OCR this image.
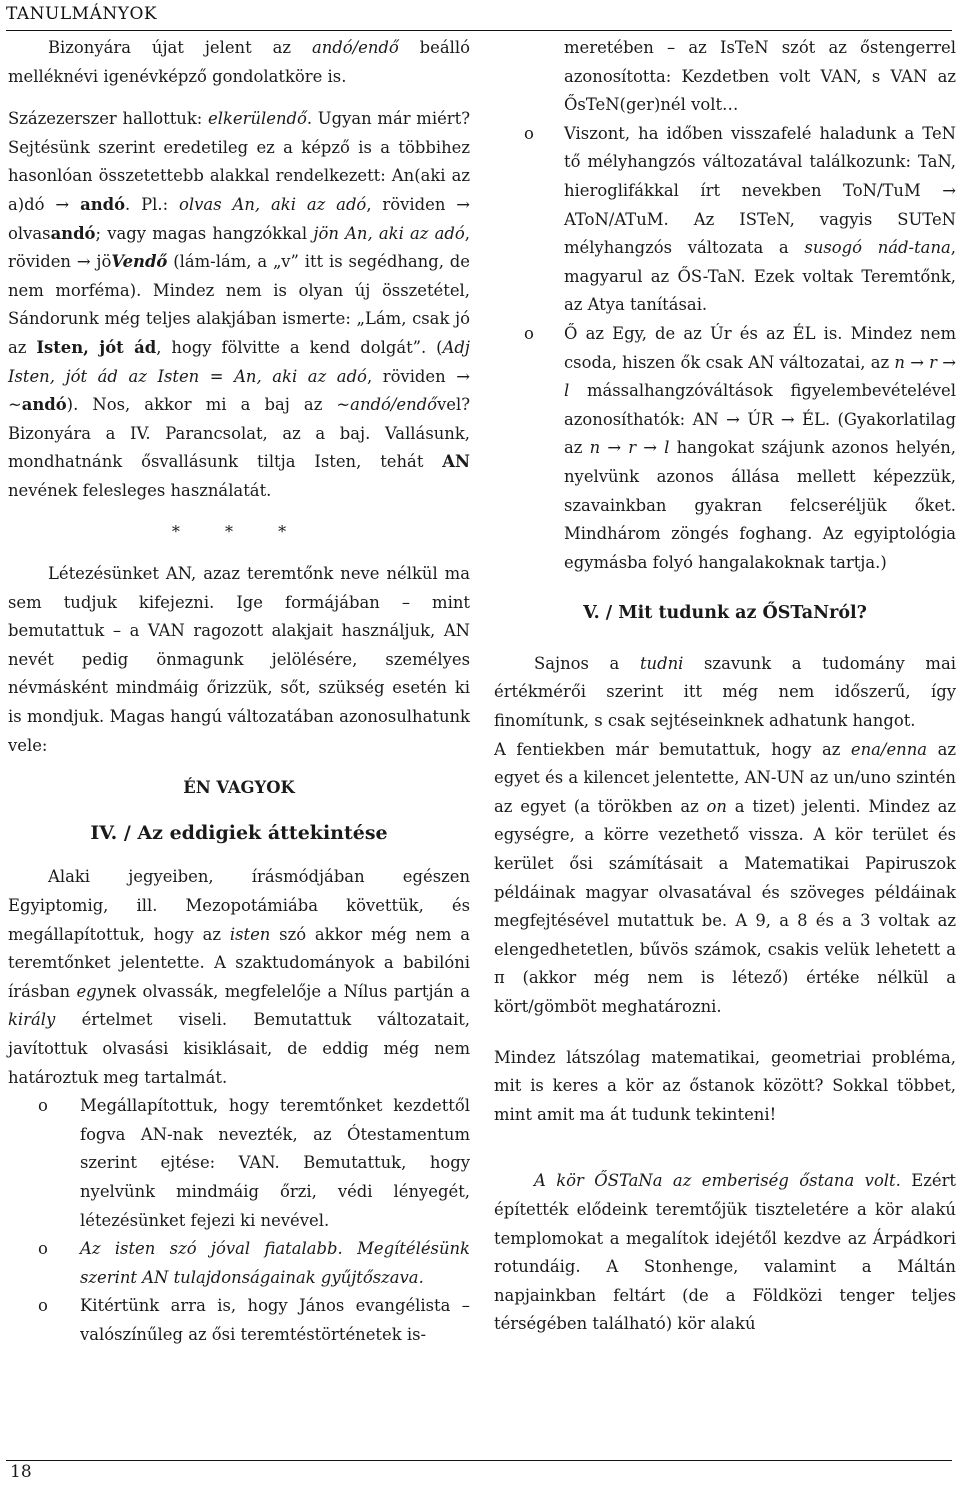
TANULMÁNYOK

Bizonyára újat jelent az andó/endő beálló melléknévi igenévképző gondolatköre is.

Százezerszer hallottuk: elkerülendő. Ugyan már miért? Sejtésünk szerint eredetileg ez a képző is a többihez hasonlóan összetettebb alakkal rendelkezett: An(aki az a)dó → andó. Pl.: olvas An, aki az adó, röviden → olvasandó; vagy magas hangzókkal jön An, aki az adó, röviden → jöVendő (lám-lám, a „v” itt is segédhang, de nem morféma). Mindez nem is olyan új összetétel, Sándorunk még teljes alakjában ismerte: „Lám, csak jó az Isten, jót ád, hogy fölvitte a kend dolgát”. (Adj Isten, jót ád az Isten = An, aki az adó, röviden → ~andó). Nos, akkor mi a baj az ~andó/endővel? Bizonyára a IV. Parancsolat, az a baj. Vallásunk, mondhatnánk ősvallásunk tiltja Isten, tehát AN nevének felesleges használatát.

* * *

Létezésünket AN, azaz teremtőnk neve nélkül ma sem tudjuk kifejezni. Ige formájában – mint bemutattuk – a VAN ragozott alakjait használjuk, AN nevét pedig önmagunk jelölésére, személyes névmásként mindmáig őrizzük, sőt, szükség esetén ki is mondjuk. Magas hangú változatában azonosulhatunk vele:

ÉN VAGYOK
IV. / Az eddigiek áttekintése

Alaki jegyeiben, írásmódjában egészen Egyiptomig, ill. Mezopotámiába követtük, és megállapítottuk, hogy az isten szó akkor még nem a teremtőnket jelentette. A szaktudományok a babilóni írásban egynek olvassák, megfelelője a Nílus partján a király értelmet viseli. Bemutattuk változatait, javítottuk olvasási kisiklásait, de eddig még nem határoztuk meg tartalmát.

o	Megállapítottuk, hogy teremtőnket kezdettől fogva AN-nak nevezték, az Ótestamentum szerint ejtése: VAN. Bemutattuk, hogy nyelvünk mindmáig őrzi, védi lényegét, létezésünket fejezi ki nevével.
o	Az isten szó jóval fiatalabb. Megítélésünk szerint AN tulajdonságainak gyűjtőszava.
o	Kitértünk arra is, hogy János evangélista – valószínűleg az ősi teremtéstörténetek is-
meretében – az IsTeN szót az őstengerrel azonosította: Kezdetben volt VAN, s VAN az ŐsTeN(ger)nél volt…
o	Viszont, ha időben visszafelé haladunk a TeN tő mélyhangzós változatával találkozunk: TaN, hieroglifákkal írt nevekben ToN/TuM → AToN/ATuM. Az ISTeN, vagyis SUTeN mélyhangzós változata a susogó nád-tana, magyarul az ŐS-TaN. Ezek voltak Teremtőnk, az Atya tanításai.
o	Ő az Egy, de az Úr és az ÉL is. Mindez nem csoda, hiszen ők csak AN változatai, az n → r → l mássalhangzóváltások figyelembevételével azonosíthatók: AN → ÚR → ÉL. (Gyakorlatilag az n → r → l hangokat szájunk azonos helyén, nyelvünk azonos állása mellett képezzük, szavainkban gyakran felcseréljük őket. Mindhárom zöngés foghang. Az egyiptológia egymásba folyó hangalakoknak tartja.)
V. / Mit tudunk az ŐSTaNról?

Sajnos a tudni szavunk a tudomány mai értékmérői szerint itt még nem időszerű, így finomítunk, s csak sejtéseinknek adhatunk hangot.

A fentiekben már bemutattuk, hogy az ena/enna az egyet és a kilencet jelentette, AN-UN az un/uno szintén az egyet (a törökben az on a tizet) jelenti. Mindez az egységre, a körre vezethető vissza. A kör terület és kerület ősi számításait a Matematikai Papiruszok példáinak magyar olvasatával és szöveges példáinak megfejtésével mutattuk be. A 9, a 8 és a 3 voltak az elengedhetetlen, bűvös számok, csakis velük lehetett a π (akkor még nem is létező) értéke nélkül a kört/gömböt meghatározni.

Mindez látszólag matematikai, geometriai probléma, mit is keres a kör az őstanok között? Sokkal többet, mint amit ma át tudunk tekinteni!

A kör ŐSTaNa az emberiség őstana volt. Ezért építették elődeink teremtőjük tiszteletére a kör alakú templomokat a megalítok idejétől kezdve az Árpádkori rotundáig. A Stonhenge, valamint a Máltán napjainkban feltárt (de a Földközi tenger teljes térségében található) kör alakú

18
